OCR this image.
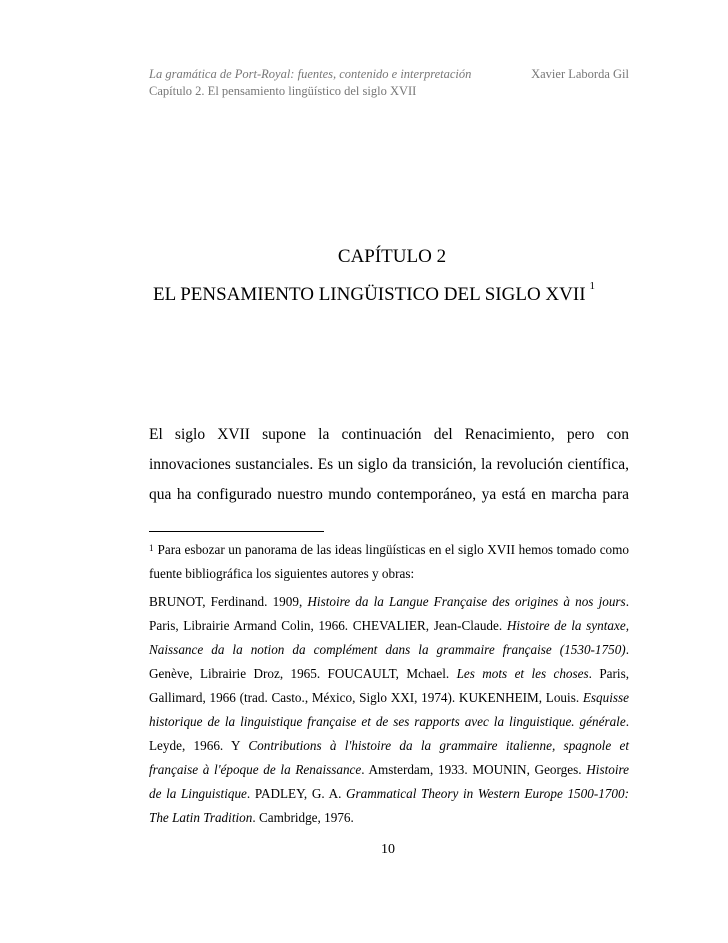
La gramática de Port-Royal: fuentes, contenido e interpretación	Xavier Laborda Gil
Capítulo 2. El pensamiento lingüístico del siglo XVII
CAPÍTULO 2
EL PENSAMIENTO LINGÜISTICO DEL SIGLO XVII $^1$
El siglo XVII supone la continuación del Renacimiento, pero con
innovaciones sustanciales. Es un siglo da transición, la revolución científica,
qua ha configurado nuestro mundo contemporáneo, ya está en marcha para
$^1$ Para esbozar un panorama de las ideas lingüísticas en el siglo XVII hemos tomado como
fuente bibliográfica los siguientes autores y obras:
BRUNOT, Ferdinand. 1909, Histoire da la Langue Française des origines à nos jours.
Paris, Librairie Armand Colin, 1966. CHEVALIER, Jean-Claude. Histoire de la syntaxe,
Naissance da la notion da complément dans la grammaire française (1530-1750).
Genève, Librairie Droz, 1965. FOUCAULT, Mchael. Les mots et les choses. Paris,
Gallimard, 1966 (trad. Casto., México, Siglo XXI, 1974). KUKENHEIM, Louis. Esquisse
historique de la linguistique française et de ses rapports avec la linguistique. générale.
Leyde, 1966. Y Contributions à l'histoire da la grammaire italienne, spagnole et
française à l'époque de la Renaissance. Amsterdam, 1933. MOUNIN, Georges. Histoire
de la Linguistique. PADLEY, G. A. Grammatical Theory in Western Europe 1500-1700:
The Latin Tradition. Cambridge, 1976.
10
